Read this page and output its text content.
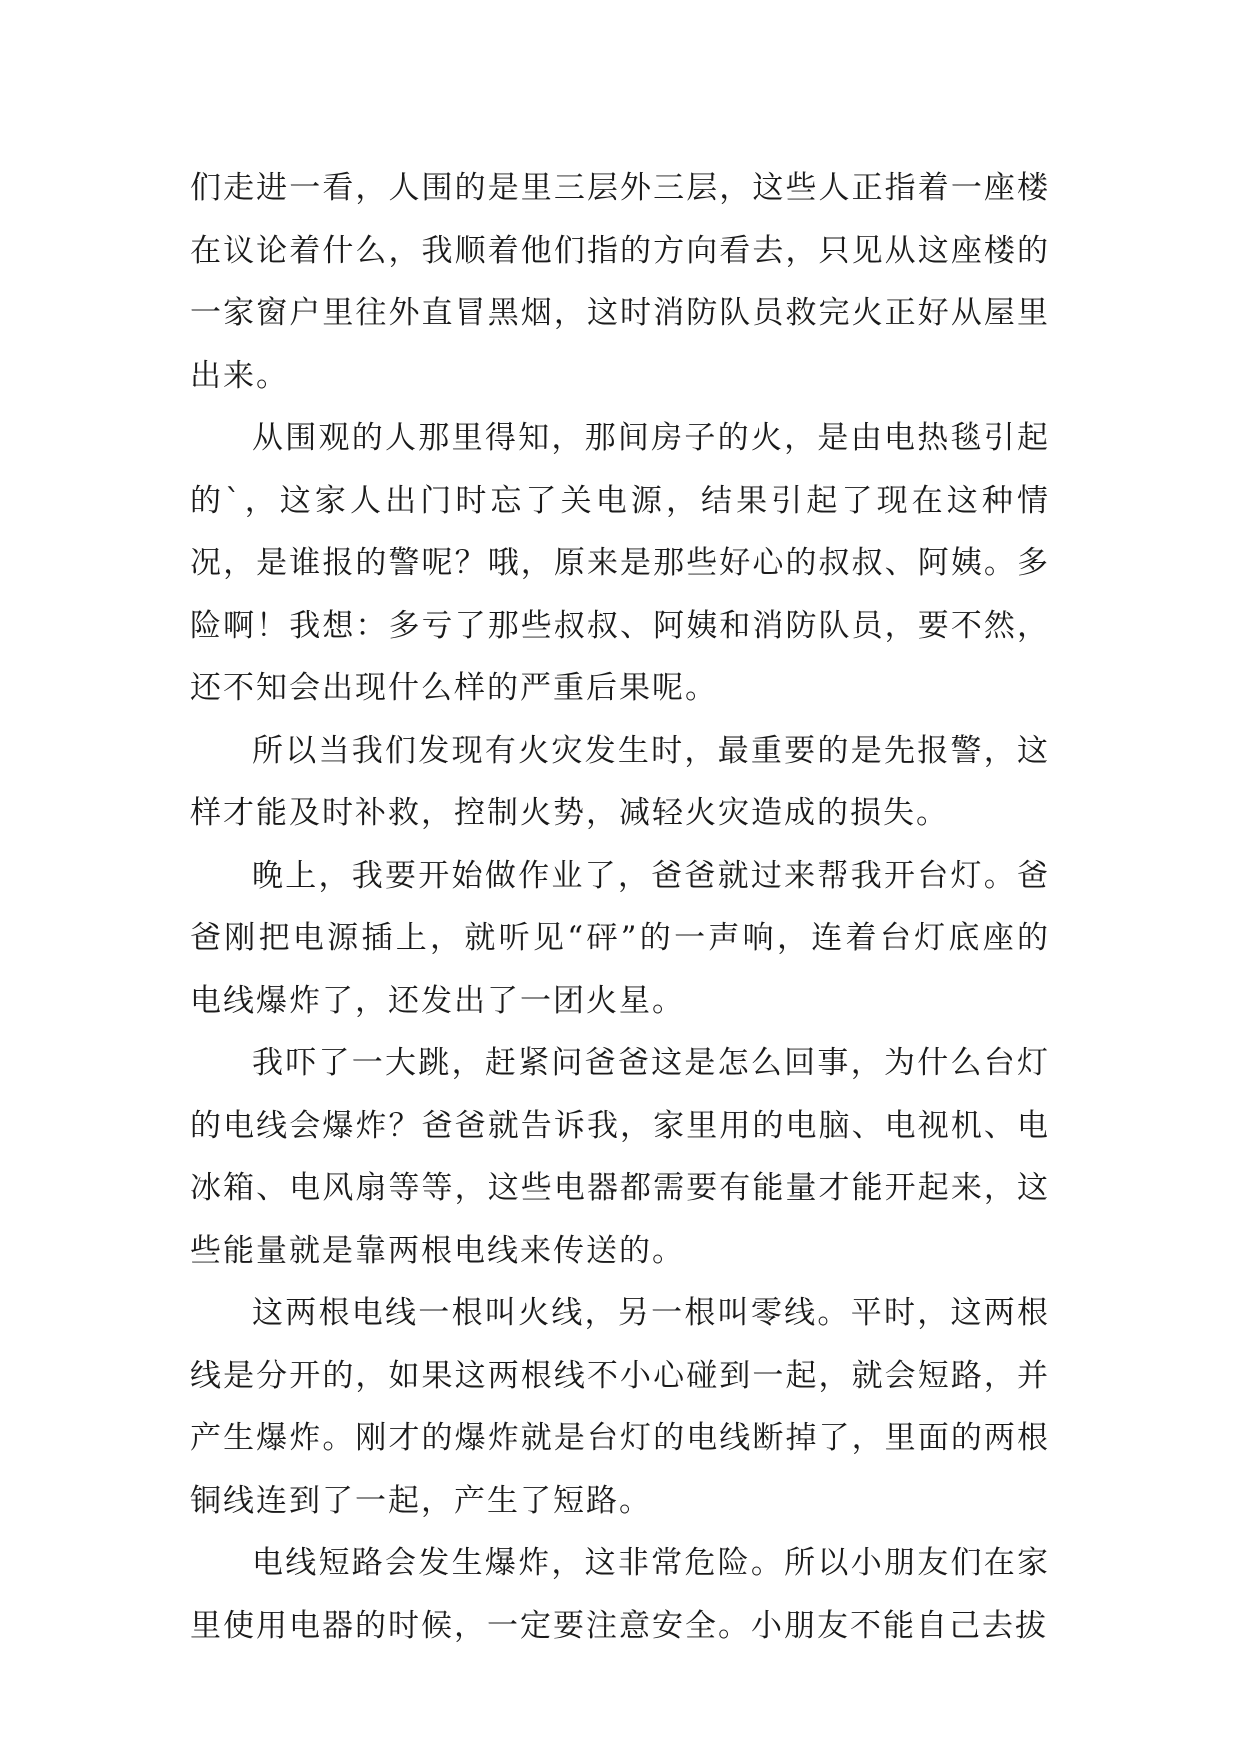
们走进一看，人围的是里三层外三层，这些人正指着一座楼在议论着什么，我顺着他们指的方向看去，只见从这座楼的一家窗户里往外直冒黑烟，这时消防队员救完火正好从屋里出来。

从围观的人那里得知，那间房子的火，是由电热毯引起的`，这家人出门时忘了关电源，结果引起了现在这种情况，是谁报的警呢？哦，原来是那些好心的叔叔、阿姨。多险啊！我想：多亏了那些叔叔、阿姨和消防队员，要不然，还不知会出现什么样的严重后果呢。

所以当我们发现有火灾发生时，最重要的是先报警，这样才能及时补救，控制火势，减轻火灾造成的损失。

晚上，我要开始做作业了，爸爸就过来帮我开台灯。爸爸刚把电源插上，就听见“砰”的一声响，连着台灯底座的电线爆炸了，还发出了一团火星。

我吓了一大跳，赶紧问爸爸这是怎么回事，为什么台灯的电线会爆炸？爸爸就告诉我，家里用的电脑、电视机、电冰箱、电风扇等等，这些电器都需要有能量才能开起来，这些能量就是靠两根电线来传送的。

这两根电线一根叫火线，另一根叫零线。平时，这两根线是分开的，如果这两根线不小心碰到一起，就会短路，并产生爆炸。刚才的爆炸就是台灯的电线断掉了，里面的两根铜线连到了一起，产生了短路。

电线短路会发生爆炸，这非常危险。所以小朋友们在家里使用电器的时候，一定要注意安全。小朋友不能自己去拔
